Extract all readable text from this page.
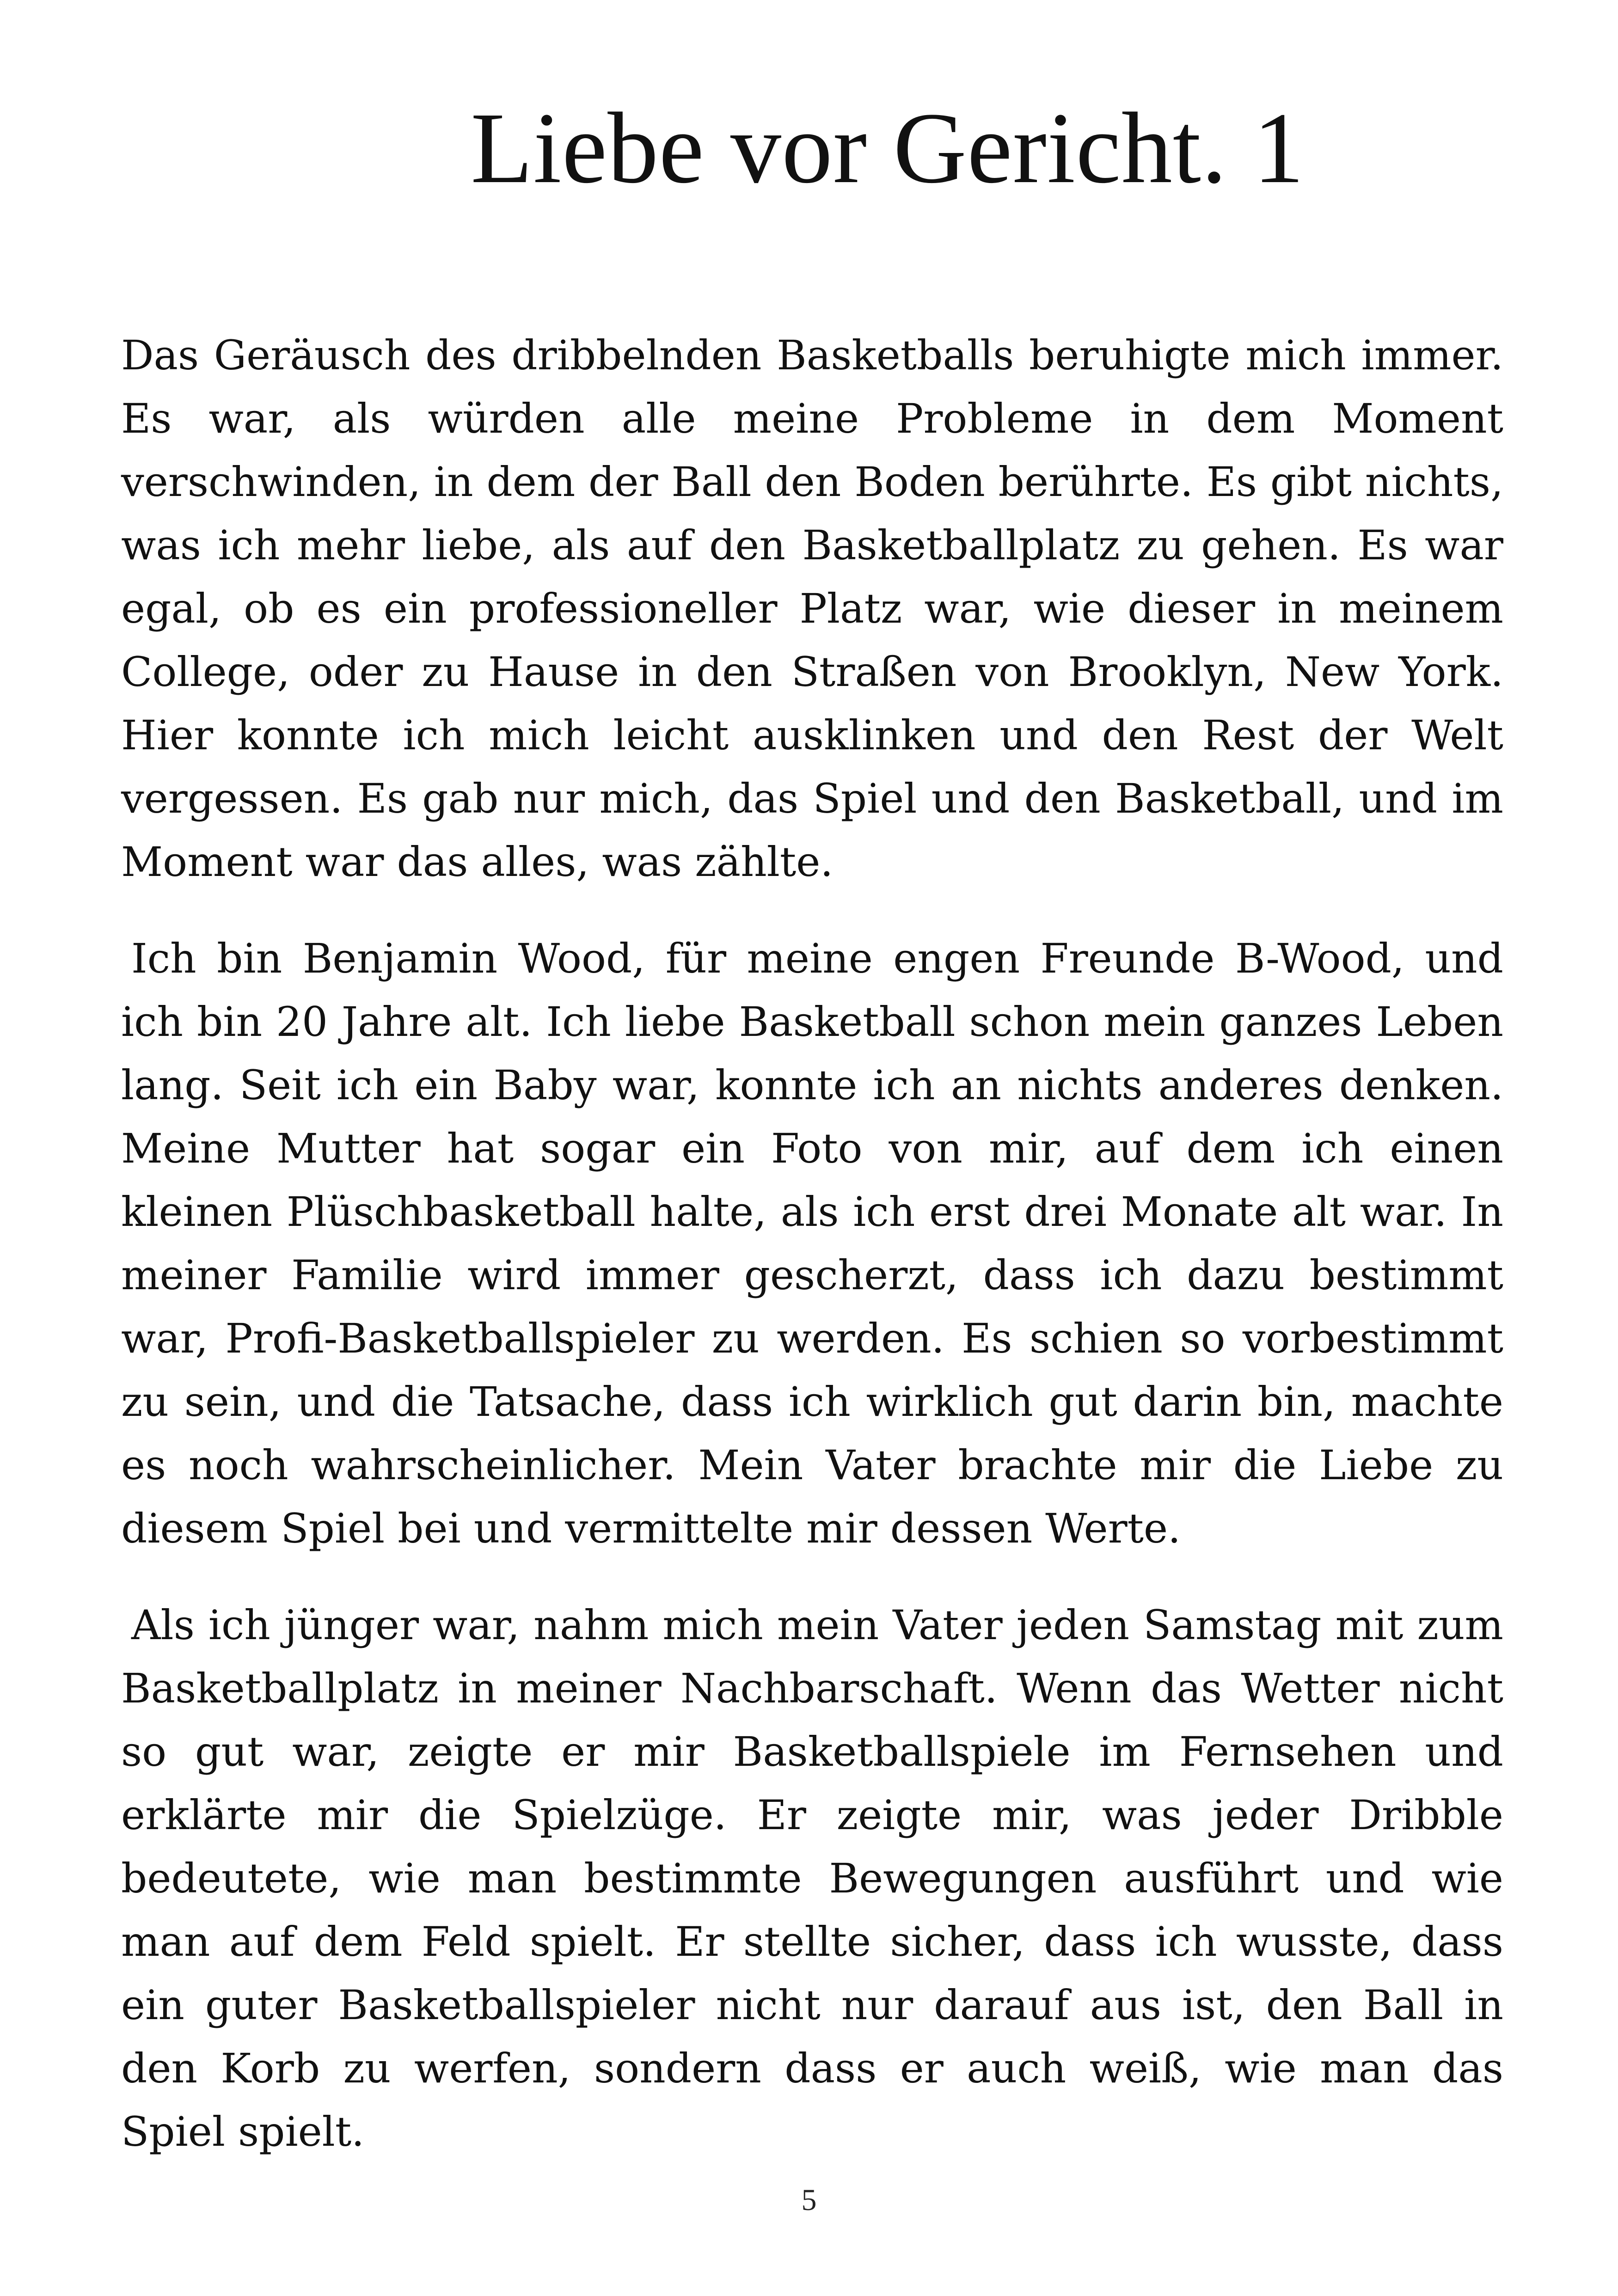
Liebe vor Gericht. 1

Das Geräusch des dribbelnden Basketballs beruhigte mich immer. Es war, als würden alle meine Probleme in dem Moment verschwinden, in dem der Ball den Boden berührte. Es gibt nichts, was ich mehr liebe, als auf den Basketballplatz zu gehen. Es war egal, ob es ein professioneller Platz war, wie dieser in meinem College, oder zu Hause in den Straßen von Brooklyn, New York. Hier konnte ich mich leicht ausklinken und den Rest der Welt vergessen. Es gab nur mich, das Spiel und den Basketball, und im Moment war das alles, was zählte.

Ich bin Benjamin Wood, für meine engen Freunde B-Wood, und ich bin 20 Jahre alt. Ich liebe Basketball schon mein ganzes Leben lang. Seit ich ein Baby war, konnte ich an nichts anderes denken. Meine Mutter hat sogar ein Foto von mir, auf dem ich einen kleinen Plüschbasketball halte, als ich erst drei Monate alt war. In meiner Familie wird immer gescherzt, dass ich dazu bestimmt war, Profi-Basketballspieler zu werden. Es schien so vorbestimmt zu sein, und die Tatsache, dass ich wirklich gut darin bin, machte es noch wahrscheinlicher. Mein Vater brachte mir die Liebe zu diesem Spiel bei und vermittelte mir dessen Werte.

Als ich jünger war, nahm mich mein Vater jeden Samstag mit zum Basketballplatz in meiner Nachbarschaft. Wenn das Wetter nicht so gut war, zeigte er mir Basketballspiele im Fernsehen und erklärte mir die Spielzüge. Er zeigte mir, was jeder Dribble bedeutete, wie man bestimmte Bewegungen ausführt und wie man auf dem Feld spielt. Er stellte sicher, dass ich wusste, dass ein guter Basketballspieler nicht nur darauf aus ist, den Ball in den Korb zu werfen, sondern dass er auch weiß, wie man das Spiel spielt.

5
